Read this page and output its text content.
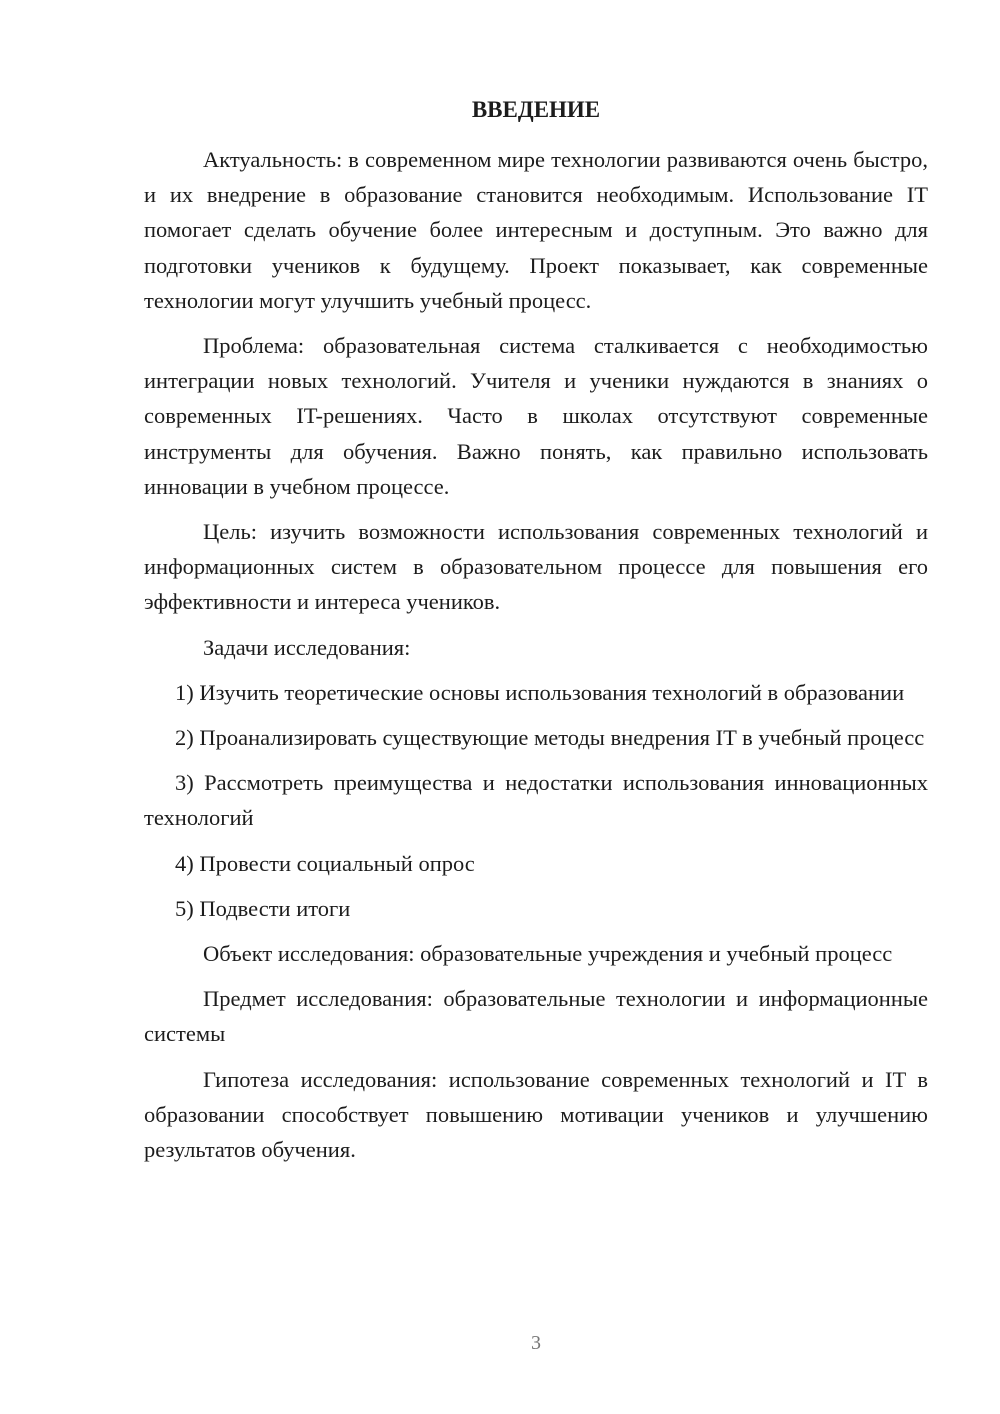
ВВЕДЕНИЕ

Актуальность: в современном мире технологии развиваются очень быстро, и их внедрение в образование становится необходимым. Использование IT помогает сделать обучение более интересным и доступным. Это важно для подготовки учеников к будущему. Проект показывает, как современные технологии могут улучшить учебный процесс.

Проблема: образовательная система сталкивается с необходимостью интеграции новых технологий. Учителя и ученики нуждаются в знаниях о современных IT-решениях. Часто в школах отсутствуют современные инструменты для обучения. Важно понять, как правильно использовать инновации в учебном процессе.

Цель: изучить возможности использования современных технологий и информационных систем в образовательном процессе для повышения его эффективности и интереса учеников.

Задачи исследования:

1) Изучить теоретические основы использования технологий в образовании

2) Проанализировать существующие методы внедрения IT в учебный процесс

3) Рассмотреть преимущества и недостатки использования инновационных технологий

4) Провести социальный опрос

5) Подвести итоги

Объект исследования: образовательные учреждения и учебный процесс

Предмет исследования: образовательные технологии и информационные системы

Гипотеза исследования: использование современных технологий и IT в образовании способствует повышению мотивации учеников и улучшению результатов обучения.

3
